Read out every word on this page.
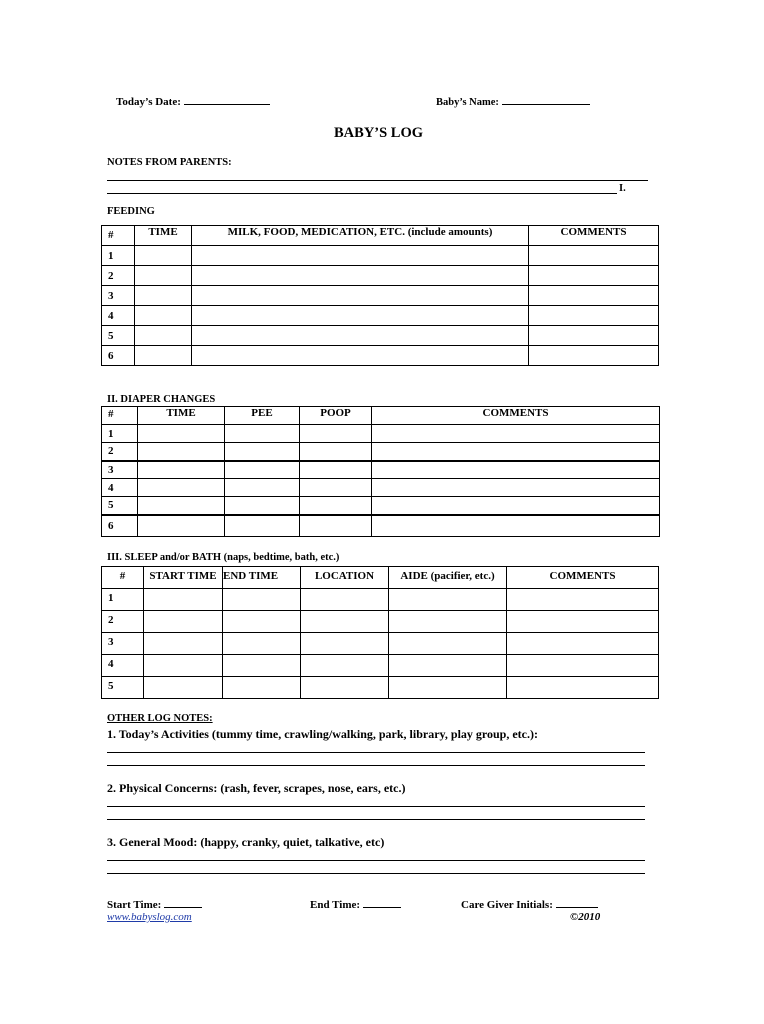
Today’s Date:	Baby’s Name:
BABY’S LOG
NOTES FROM PARENTS:
I.
FEEDING
#	TIME	MILK, FOOD, MEDICATION, ETC. (include amounts)	COMMENTS
1			
2			
3			
4			
5			
6			
II. DIAPER CHANGES
#	TIME	PEE	POOP	COMMENTS
1				
2				
3				
4				
5				
6				
III. SLEEP and/or BATH (naps, bedtime, bath, etc.)
#	START TIME	END TIME	LOCATION	AIDE (pacifier, etc.)	COMMENTS
1					
2					
3					
4					
5					
OTHER LOG NOTES:
1. Today’s Activities (tummy time, crawling/walking, park, library, play group, etc.):
2. Physical Concerns: (rash, fever, scrapes, nose, ears, etc.)
3. General Mood: (happy, cranky, quiet, talkative, etc)
Start Time:	End Time:	Care Giver Initials:
www.babyslog.com	©2010
